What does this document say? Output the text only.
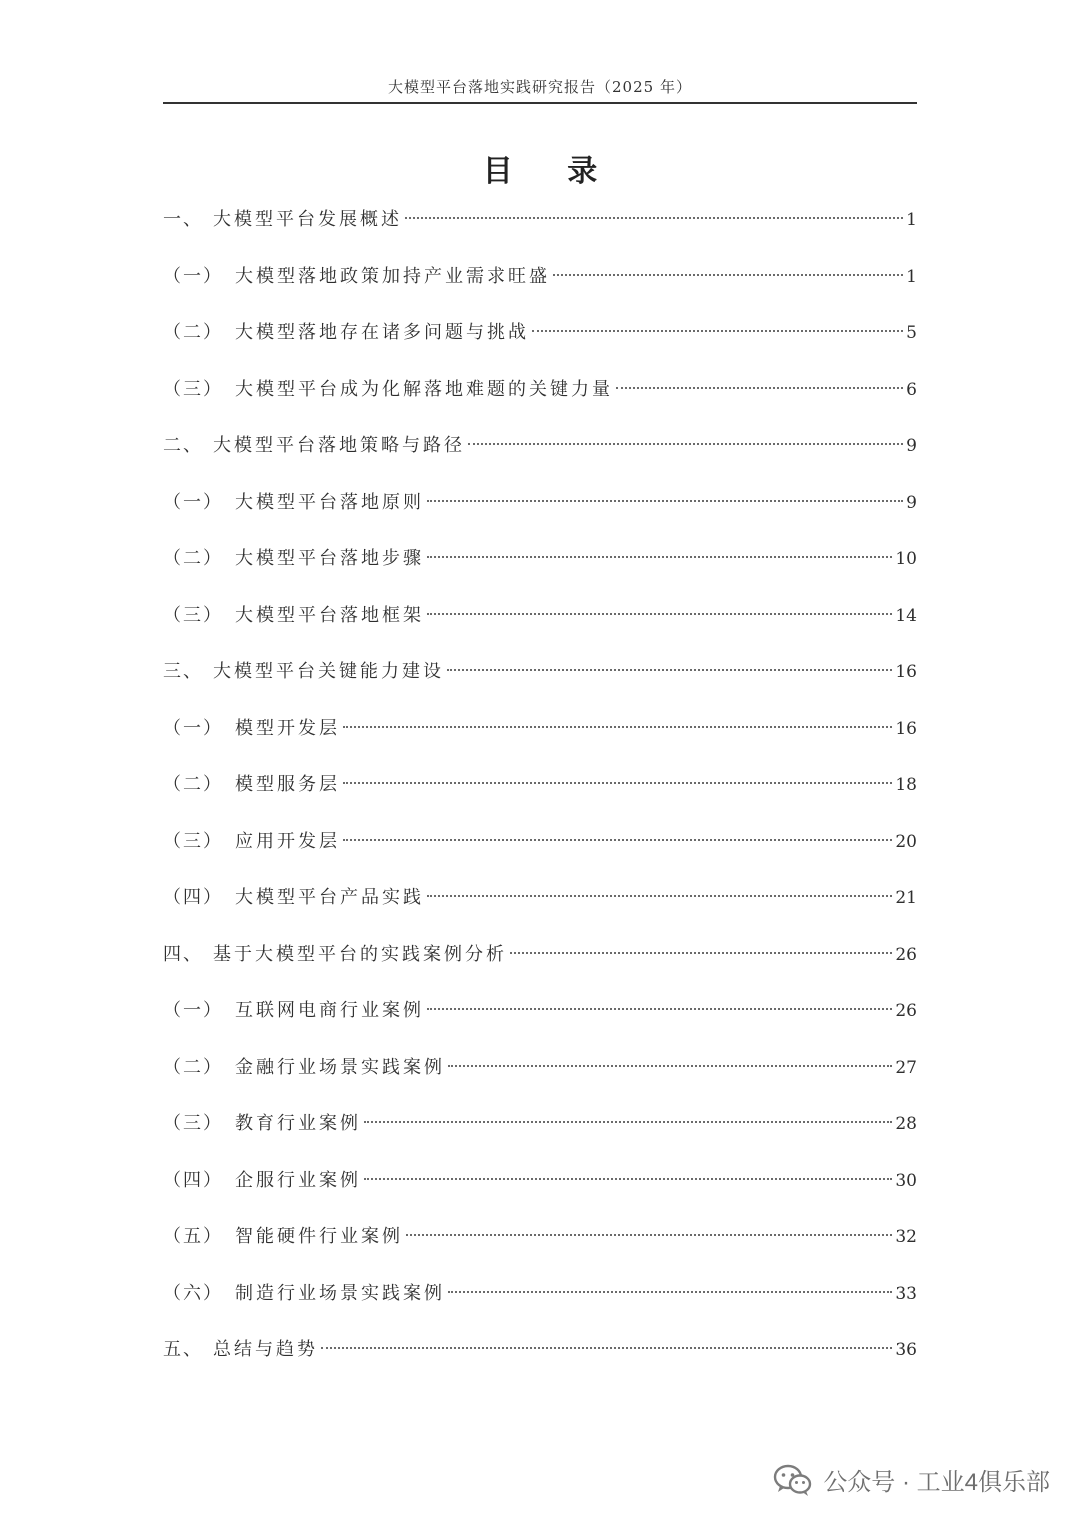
大模型平台落地实践研究报告（2025 年）
目 录
一、 大模型平台发展概述	1
（一） 大模型落地政策加持产业需求旺盛	1
（二） 大模型落地存在诸多问题与挑战	5
（三） 大模型平台成为化解落地难题的关键力量	6
二、 大模型平台落地策略与路径	9
（一） 大模型平台落地原则	9
（二） 大模型平台落地步骤	10
（三） 大模型平台落地框架	14
三、 大模型平台关键能力建设	16
（一） 模型开发层	16
（二） 模型服务层	18
（三） 应用开发层	20
（四） 大模型平台产品实践	21
四、 基于大模型平台的实践案例分析	26
（一） 互联网电商行业案例	26
（二） 金融行业场景实践案例	27
（三） 教育行业案例	28
（四） 企服行业案例	30
（五） 智能硬件行业案例	32
（六） 制造行业场景实践案例	33
五、 总结与趋势	36
公众号 · 工业4俱乐部
